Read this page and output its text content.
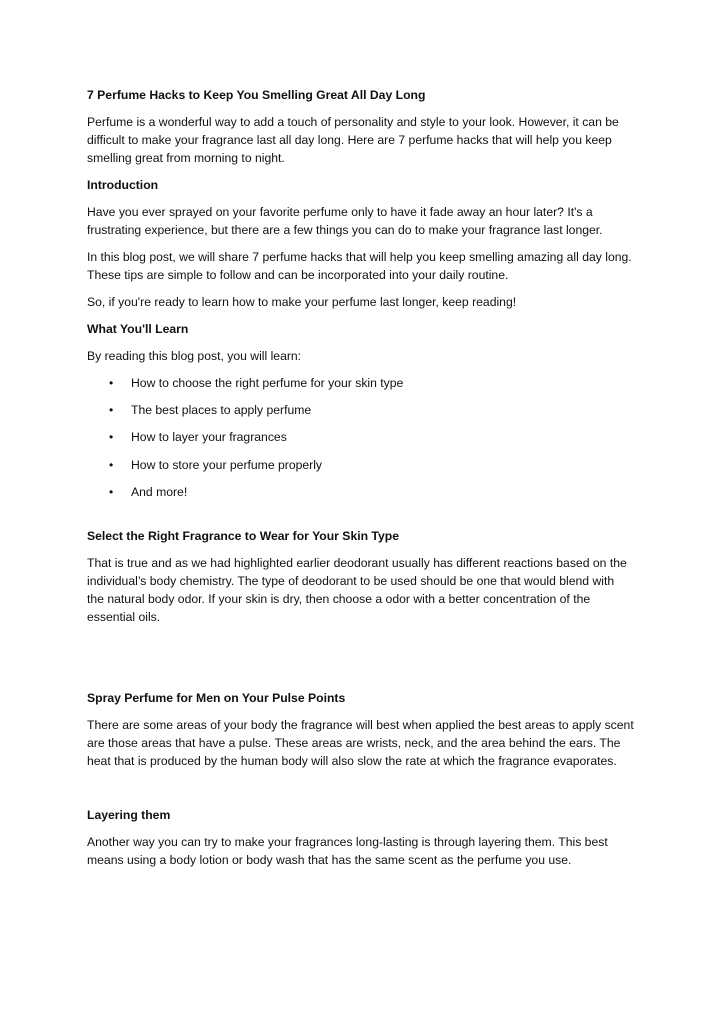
7 Perfume Hacks to Keep You Smelling Great All Day Long
Perfume is a wonderful way to add a touch of personality and style to your look. However, it can be
difficult to make your fragrance last all day long. Here are 7 perfume hacks that will help you keep
smelling great from morning to night.
Introduction
Have you ever sprayed on your favorite perfume only to have it fade away an hour later? It's a
frustrating experience, but there are a few things you can do to make your fragrance last longer.
In this blog post, we will share 7 perfume hacks that will help you keep smelling amazing all day long.
These tips are simple to follow and can be incorporated into your daily routine.
So, if you're ready to learn how to make your perfume last longer, keep reading!
What You'll Learn
By reading this blog post, you will learn:
• How to choose the right perfume for your skin type
• The best places to apply perfume
• How to layer your fragrances
• How to store your perfume properly
• And more!
Select the Right Fragrance to Wear for Your Skin Type
That is true and as we had highlighted earlier deodorant usually has different reactions based on the
individual’s body chemistry. The type of deodorant to be used should be one that would blend with
the natural body odor. If your skin is dry, then choose a odor with a better concentration of the
essential oils.
Spray Perfume for Men on Your Pulse Points
There are some areas of your body the fragrance will best when applied the best areas to apply scent
are those areas that have a pulse. These areas are wrists, neck, and the area behind the ears. The
heat that is produced by the human body will also slow the rate at which the fragrance evaporates.
Layering them
Another way you can try to make your fragrances long-lasting is through layering them. This best
means using a body lotion or body wash that has the same scent as the perfume you use.
